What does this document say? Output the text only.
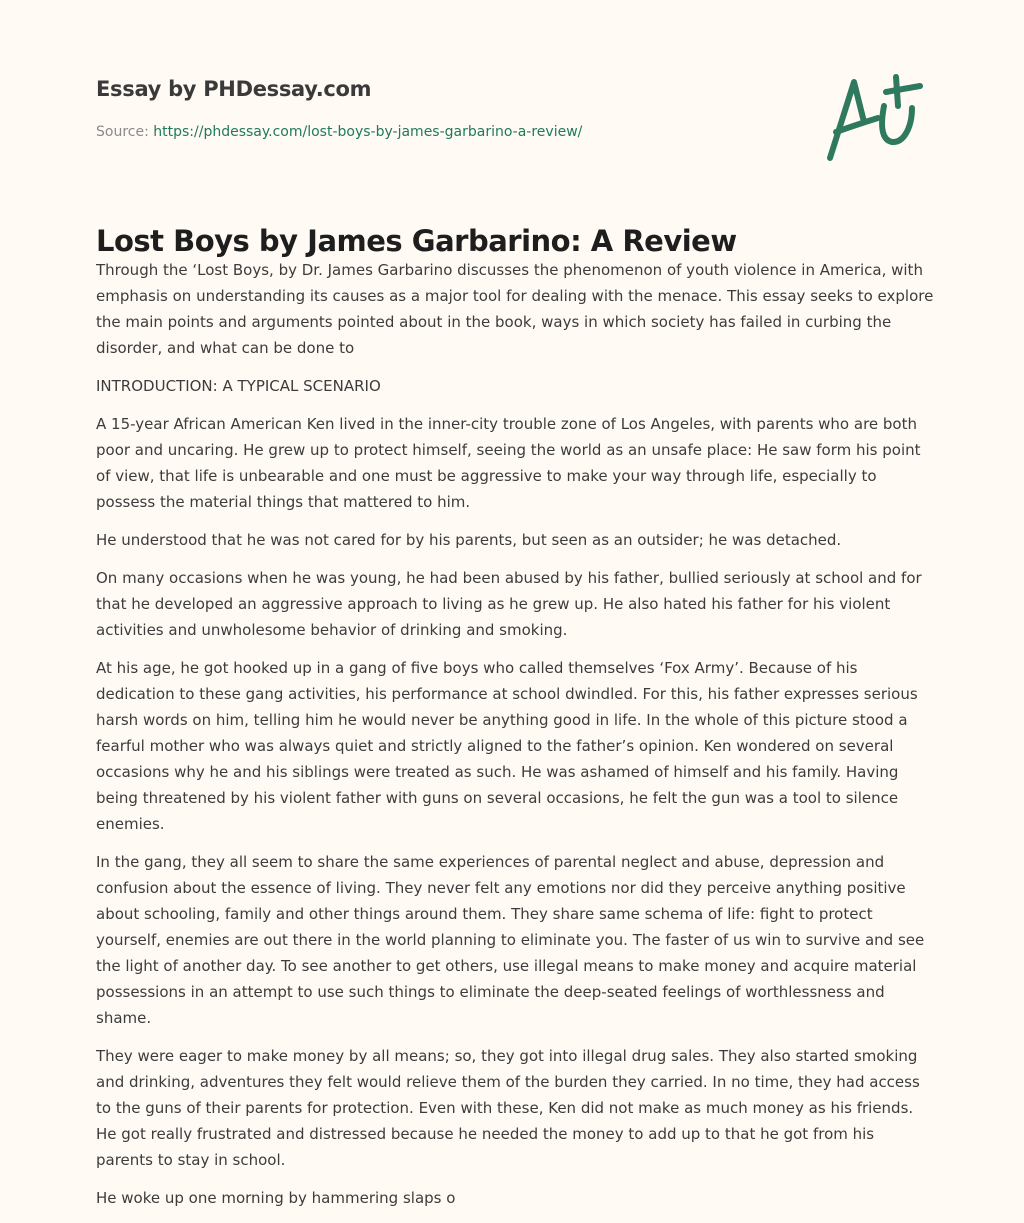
Essay by PHDessay.com
Source: https://phdessay.com/lost-boys-by-james-garbarino-a-review/
Lost Boys by James Garbarino: A Review

Through the ‘Lost Boys, by Dr. James Garbarino discusses the phenomenon of youth violence in America, with emphasis on understanding its causes as a major tool for dealing with the menace. This essay seeks to explore the main points and arguments pointed about in the book, ways in which society has failed in curbing the disorder, and what can be done to

INTRODUCTION: A TYPICAL SCENARIO

A 15-year African American Ken lived in the inner-city trouble zone of Los Angeles, with parents who are both poor and uncaring. He grew up to protect himself, seeing the world as an unsafe place: He saw form his point of view, that life is unbearable and one must be aggressive to make your way through life, especially to possess the material things that mattered to him.

He understood that he was not cared for by his parents, but seen as an outsider; he was detached.

On many occasions when he was young, he had been abused by his father, bullied seriously at school and for that he developed an aggressive approach to living as he grew up. He also hated his father for his violent activities and unwholesome behavior of drinking and smoking.

At his age, he got hooked up in a gang of five boys who called themselves ‘Fox Army’. Because of his dedication to these gang activities, his performance at school dwindled. For this, his father expresses serious harsh words on him, telling him he would never be anything good in life. In the whole of this picture stood a fearful mother who was always quiet and strictly aligned to the father’s opinion. Ken wondered on several occasions why he and his siblings were treated as such. He was ashamed of himself and his family. Having being threatened by his violent father with guns on several occasions, he felt the gun was a tool to silence enemies.

In the gang, they all seem to share the same experiences of parental neglect and abuse, depression and confusion about the essence of living. They never felt any emotions nor did they perceive anything positive about schooling, family and other things around them. They share same schema of life: fight to protect yourself, enemies are out there in the world planning to eliminate you. The faster of us win to survive and see the light of another day. To see another to get others, use illegal means to make money and acquire material possessions in an attempt to use such things to eliminate the deep-seated feelings of worthlessness and shame.

They were eager to make money by all means; so, they got into illegal drug sales. They also started smoking and drinking, adventures they felt would relieve them of the burden they carried. In no time, they had access to the guns of their parents for protection. Even with these, Ken did not make as much money as his friends. He got really frustrated and distressed because he needed the money to add up to that he got from his parents to stay in school.

He woke up one morning by hammering slaps o
